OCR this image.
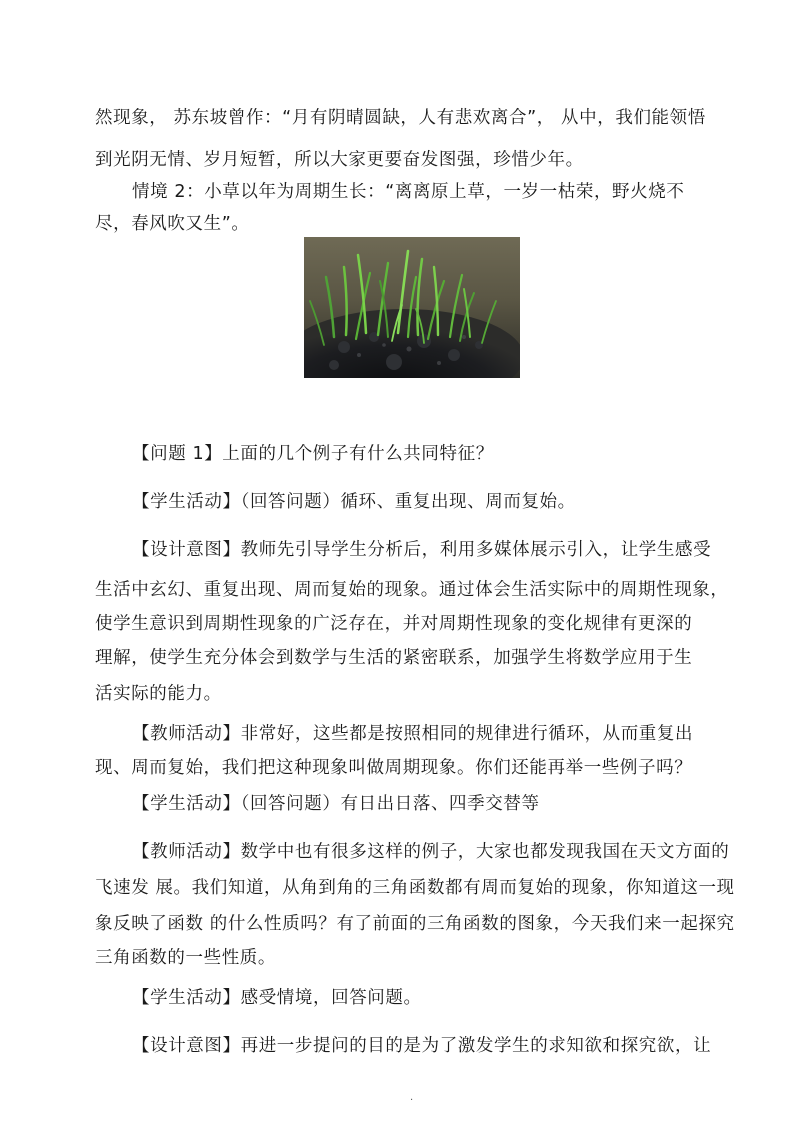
然现象， 苏东坡曾作：“月有阴晴圆缺，人有悲欢离合”， 从中，我们能领悟
到光阴无情、岁月短暂，所以大家更要奋发图强，珍惜少年。
情境 2：小草以年为周期生长：“离离原上草，一岁一枯荣，野火烧不
尽，春风吹又生”。
【问题 1】上面的几个例子有什么共同特征？
【学生活动】（回答问题）循环、重复出现、周而复始。
【设计意图】教师先引导学生分析后，利用多媒体展示引入，让学生感受
生活中玄幻、重复出现、周而复始的现象。通过体会生活实际中的周期性现象，
使学生意识到周期性现象的广泛存在，并对周期性现象的变化规律有更深的
理解，使学生充分体会到数学与生活的紧密联系，加强学生将数学应用于生
活实际的能力。
【教师活动】非常好，这些都是按照相同的规律进行循环，从而重复出
现、周而复始，我们把这种现象叫做周期现象。你们还能再举一些例子吗？
【学生活动】（回答问题）有日出日落、四季交替等
【教师活动】数学中也有很多这样的例子，大家也都发现我国在天文方面的
飞速发 展。我们知道，从角到角的三角函数都有周而复始的现象，你知道这一现
象反映了函数 的什么性质吗？有了前面的三角函数的图象，今天我们来一起探究
三角函数的一些性质。
【学生活动】感受情境，回答问题。
【设计意图】再进一步提问的目的是为了激发学生的求知欲和探究欲，让
.
